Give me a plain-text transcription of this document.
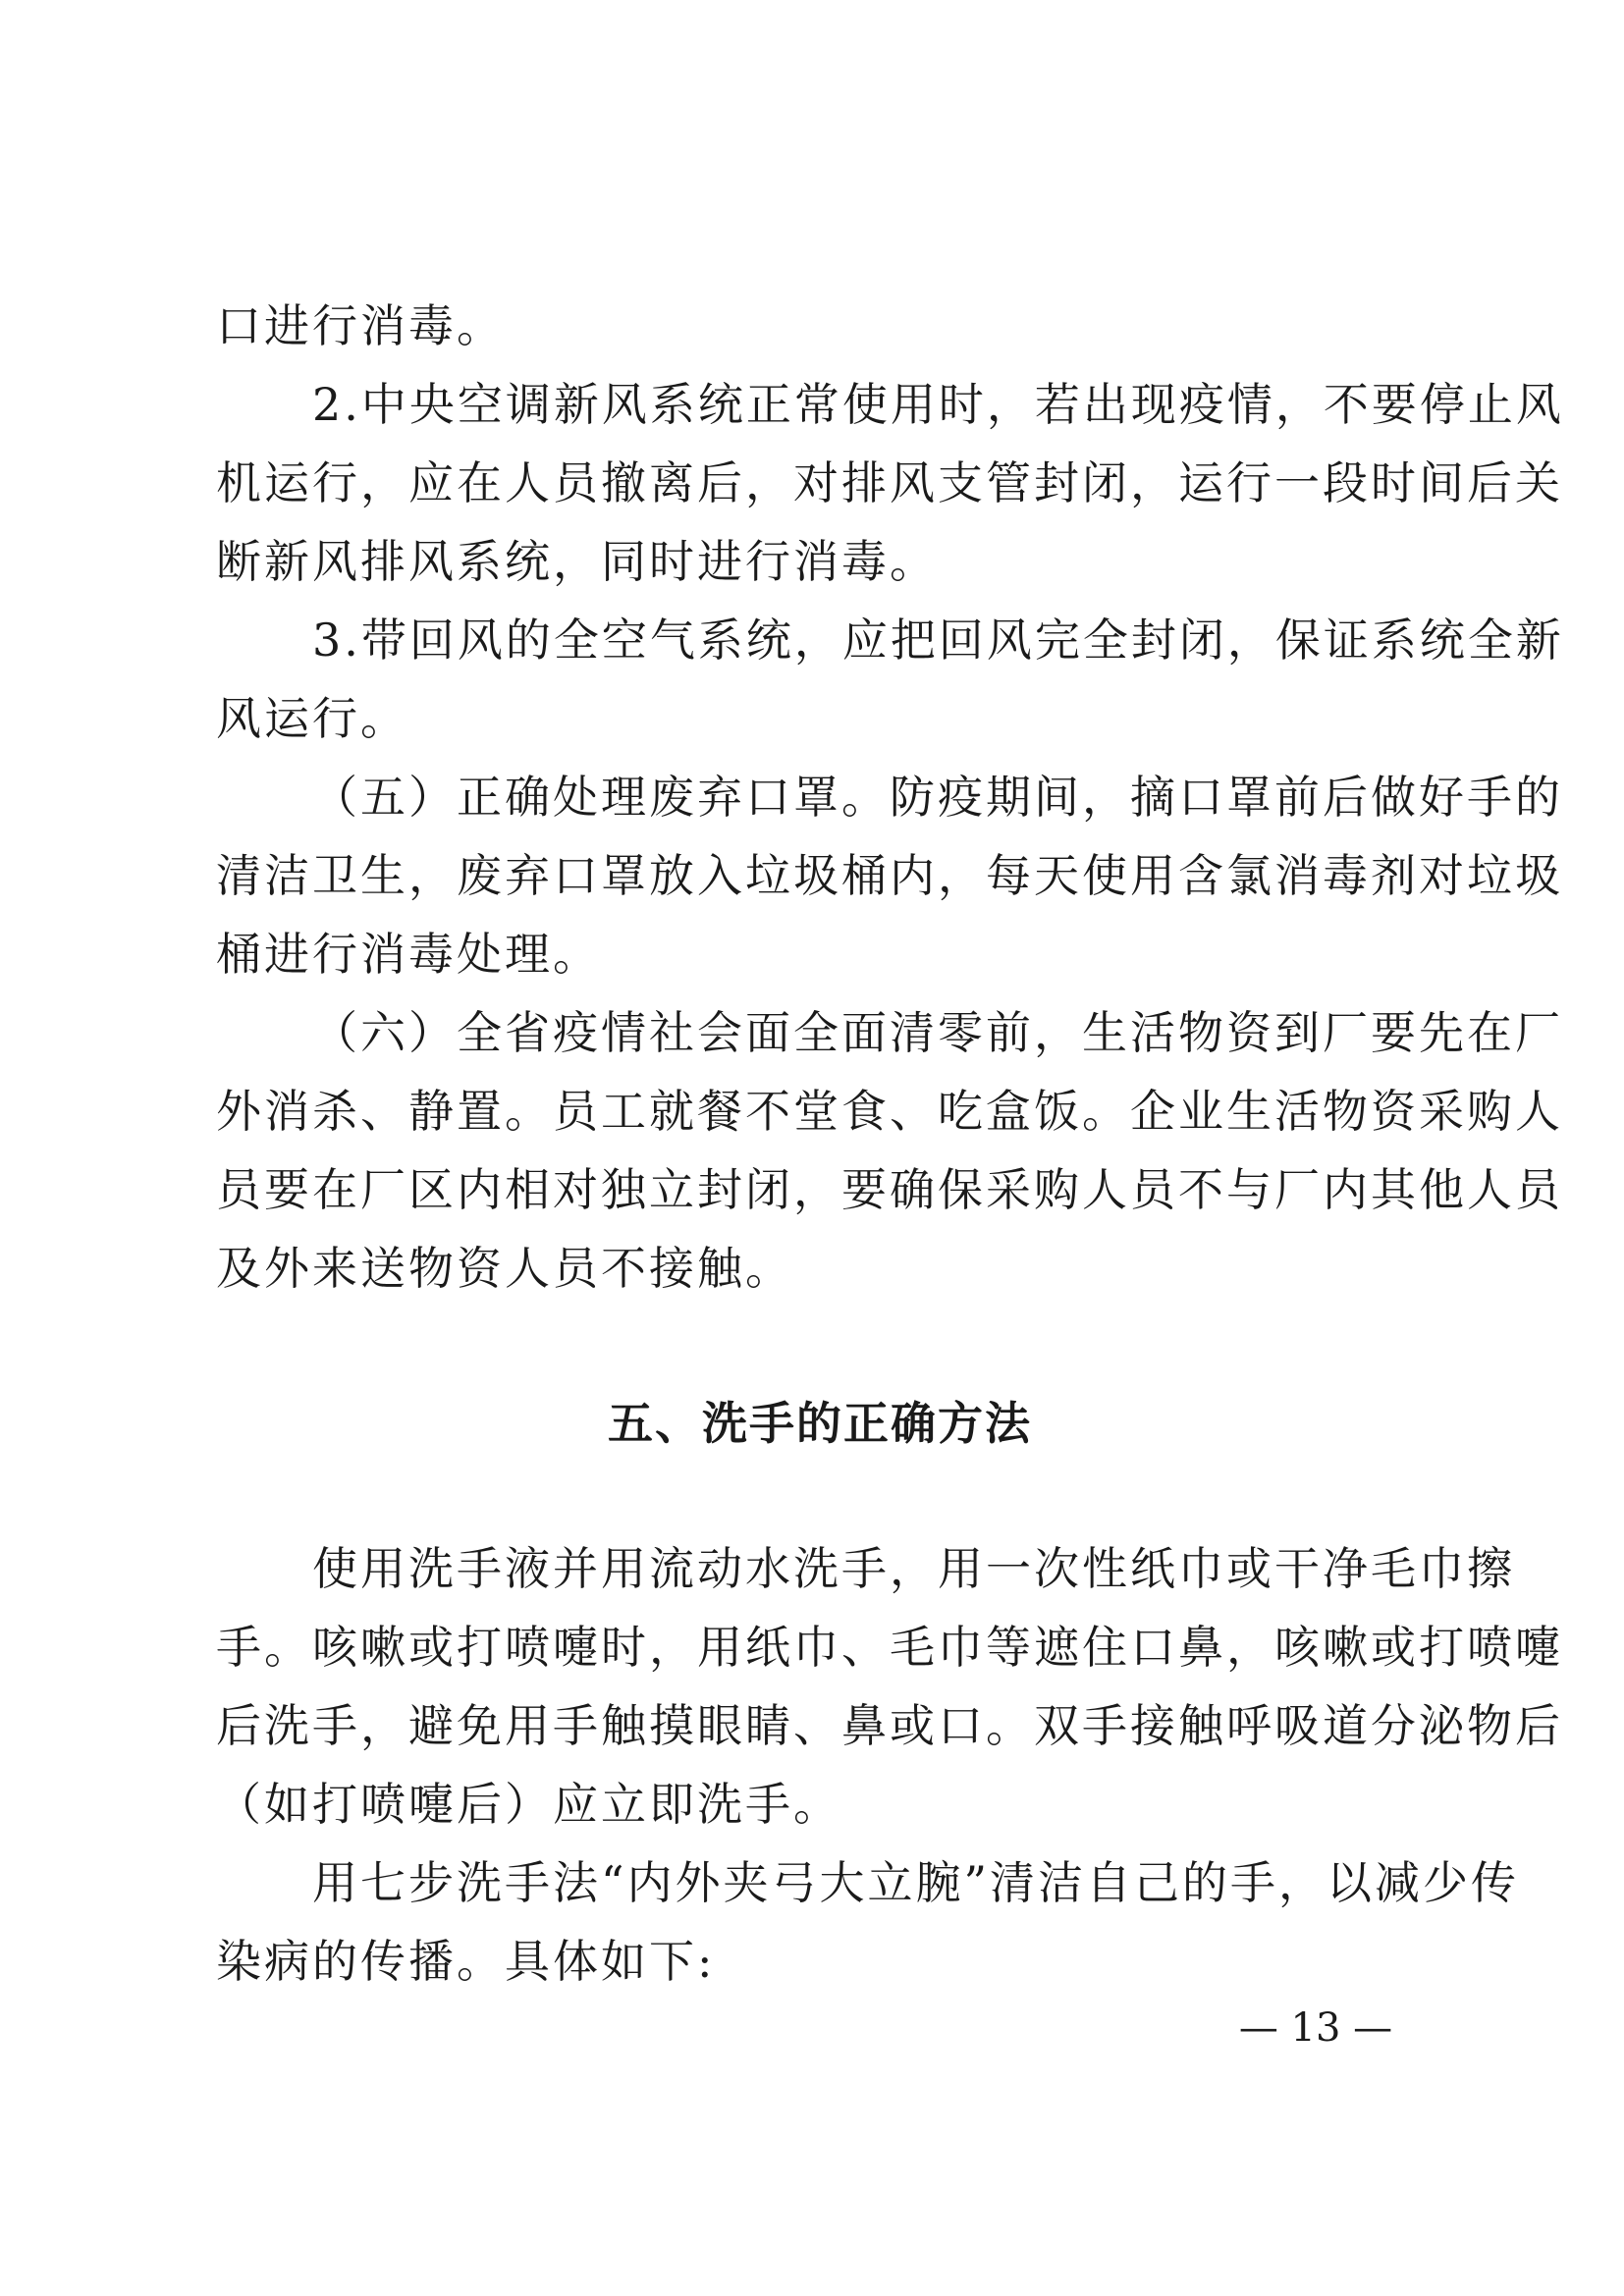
口进行消毒。
2.中央空调新风系统正常使用时，若出现疫情，不要停止风
机运行，应在人员撤离后，对排风支管封闭，运行一段时间后关
断新风排风系统，同时进行消毒。
3.带回风的全空气系统，应把回风完全封闭，保证系统全新
风运行。
（五）正确处理废弃口罩。防疫期间，摘口罩前后做好手的
清洁卫生，废弃口罩放入垃圾桶内，每天使用含氯消毒剂对垃圾
桶进行消毒处理。
（六）全省疫情社会面全面清零前，生活物资到厂要先在厂
外消杀、静置。员工就餐不堂食、吃盒饭。企业生活物资采购人
员要在厂区内相对独立封闭，要确保采购人员不与厂内其他人员
及外来送物资人员不接触。
五、洗手的正确方法
使用洗手液并用流动水洗手，用一次性纸巾或干净毛巾擦
手。咳嗽或打喷嚏时，用纸巾、毛巾等遮住口鼻，咳嗽或打喷嚏
后洗手，避免用手触摸眼睛、鼻或口。双手接触呼吸道分泌物后
（如打喷嚏后）应立即洗手。
用七步洗手法“内外夹弓大立腕”清洁自己的手，以减少传
染病的传播。具体如下:
— 13 —
